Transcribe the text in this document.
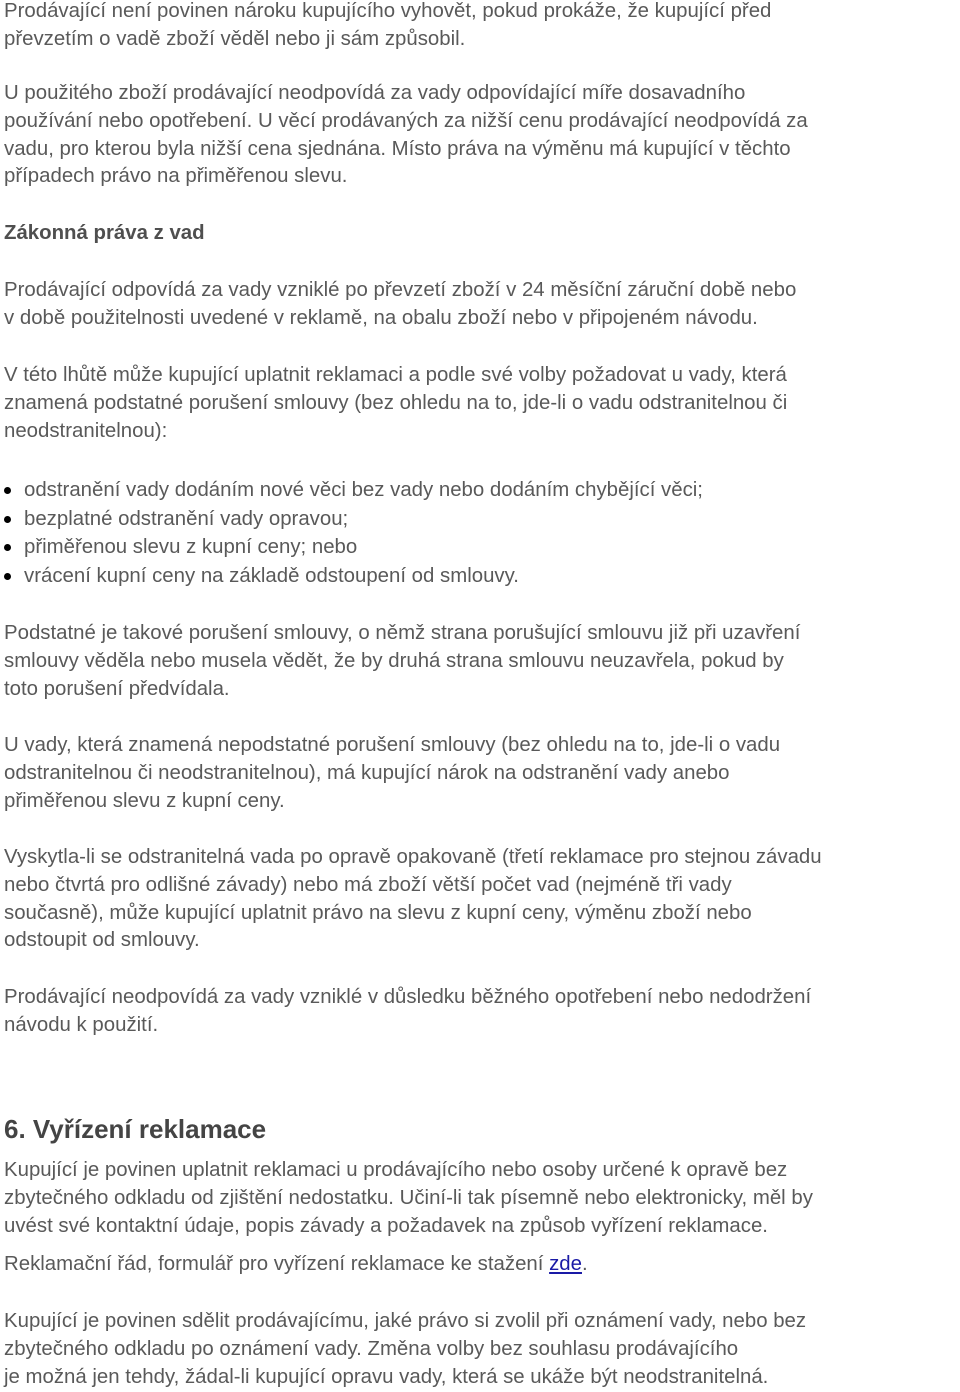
Prodávající není povinen nároku kupujícího vyhovět, pokud prokáže, že kupující před
převzetím o vadě zboží věděl nebo ji sám způsobil.
U použitého zboží prodávající neodpovídá za vady odpovídající míře dosavadního
používání nebo opotřebení. U věcí prodávaných za nižší cenu prodávající neodpovídá za
vadu, pro kterou byla nižší cena sjednána. Místo práva na výměnu má kupující v těchto
případech právo na přiměřenou slevu.
Zákonná práva z vad
Prodávající odpovídá za vady vzniklé po převzetí zboží v 24 měsíční záruční době nebo
v době použitelnosti uvedené v reklamě, na obalu zboží nebo v připojeném návodu.
V této lhůtě může kupující uplatnit reklamaci a podle své volby požadovat u vady, která
znamená podstatné porušení smlouvy (bez ohledu na to, jde-li o vadu odstranitelnou či
neodstranitelnou):
odstranění vady dodáním nové věci bez vady nebo dodáním chybějící věci;
bezplatné odstranění vady opravou;
přiměřenou slevu z kupní ceny; nebo
vrácení kupní ceny na základě odstoupení od smlouvy.
Podstatné je takové porušení smlouvy, o němž strana porušující smlouvu již při uzavření
smlouvy věděla nebo musela vědět, že by druhá strana smlouvu neuzavřela, pokud by
toto porušení předvídala.
U vady, která znamená nepodstatné porušení smlouvy (bez ohledu na to, jde-li o vadu
odstranitelnou či neodstranitelnou), má kupující nárok na odstranění vady anebo
přiměřenou slevu z kupní ceny.
Vyskytla-li se odstranitelná vada po opravě opakovaně (třetí reklamace pro stejnou závadu
nebo čtvrtá pro odlišné závady) nebo má zboží větší počet vad (nejméně tři vady
současně), může kupující uplatnit právo na slevu z kupní ceny, výměnu zboží nebo
odstoupit od smlouvy.
Prodávající neodpovídá za vady vzniklé v důsledku běžného opotřebení nebo nedodržení
návodu k použití.
6. Vyřízení reklamace
Kupující je povinen uplatnit reklamaci u prodávajícího nebo osoby určené k opravě bez
zbytečného odkladu od zjištění nedostatku. Učiní-li tak písemně nebo elektronicky, měl by
uvést své kontaktní údaje, popis závady a požadavek na způsob vyřízení reklamace.
Reklamační řád, formulář pro vyřízení reklamace ke stažení zde.
Kupující je povinen sdělit prodávajícímu, jaké právo si zvolil při oznámení vady, nebo bez
zbytečného odkladu po oznámení vady. Změna volby bez souhlasu prodávajícího
je možná jen tehdy, žádal-li kupující opravu vady, která se ukáže být neodstranitelná.
